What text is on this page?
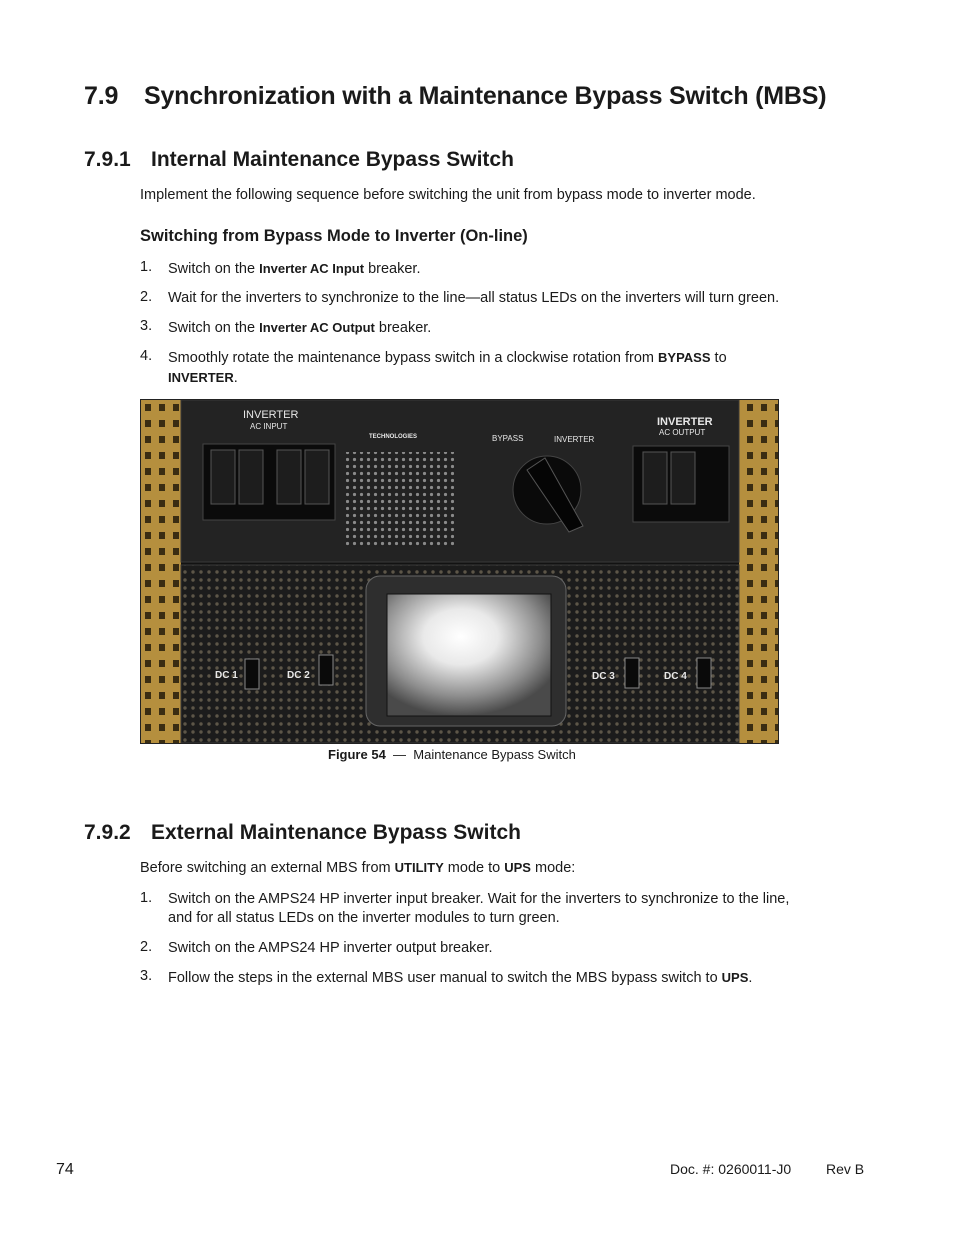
7.9 Synchronization with a Maintenance Bypass Switch (MBS)
7.9.1 Internal Maintenance Bypass Switch
Implement the following sequence before switching the unit from bypass mode to inverter mode.
Switching from Bypass Mode to Inverter (On-line)
1. Switch on the Inverter AC Input breaker.
2. Wait for the inverters to synchronize to the line—all status LEDs on the inverters will turn green.
3. Switch on the Inverter AC Output breaker.
4. Smoothly rotate the maintenance bypass switch in a clockwise rotation from BYPASS to
INVERTER.
INVERTER
AC INPUT
TECHNOLOGIES	BYPASS	INVERTER
INVERTER
AC OUTPUT
DC 1	DC 2	DC 3	DC 4
Figure 54 — Maintenance Bypass Switch
7.9.2 External Maintenance Bypass Switch
Before switching an external MBS from UTILITY mode to UPS mode:
1. Switch on the AMPS24 HP inverter input breaker. Wait for the inverters to synchronize to the line,
and for all status LEDs on the inverter modules to turn green.
2. Switch on the AMPS24 HP inverter output breaker.
3. Follow the steps in the external MBS user manual to switch the MBS bypass switch to UPS.
74	Doc. #: 0260011-J0 Rev B
